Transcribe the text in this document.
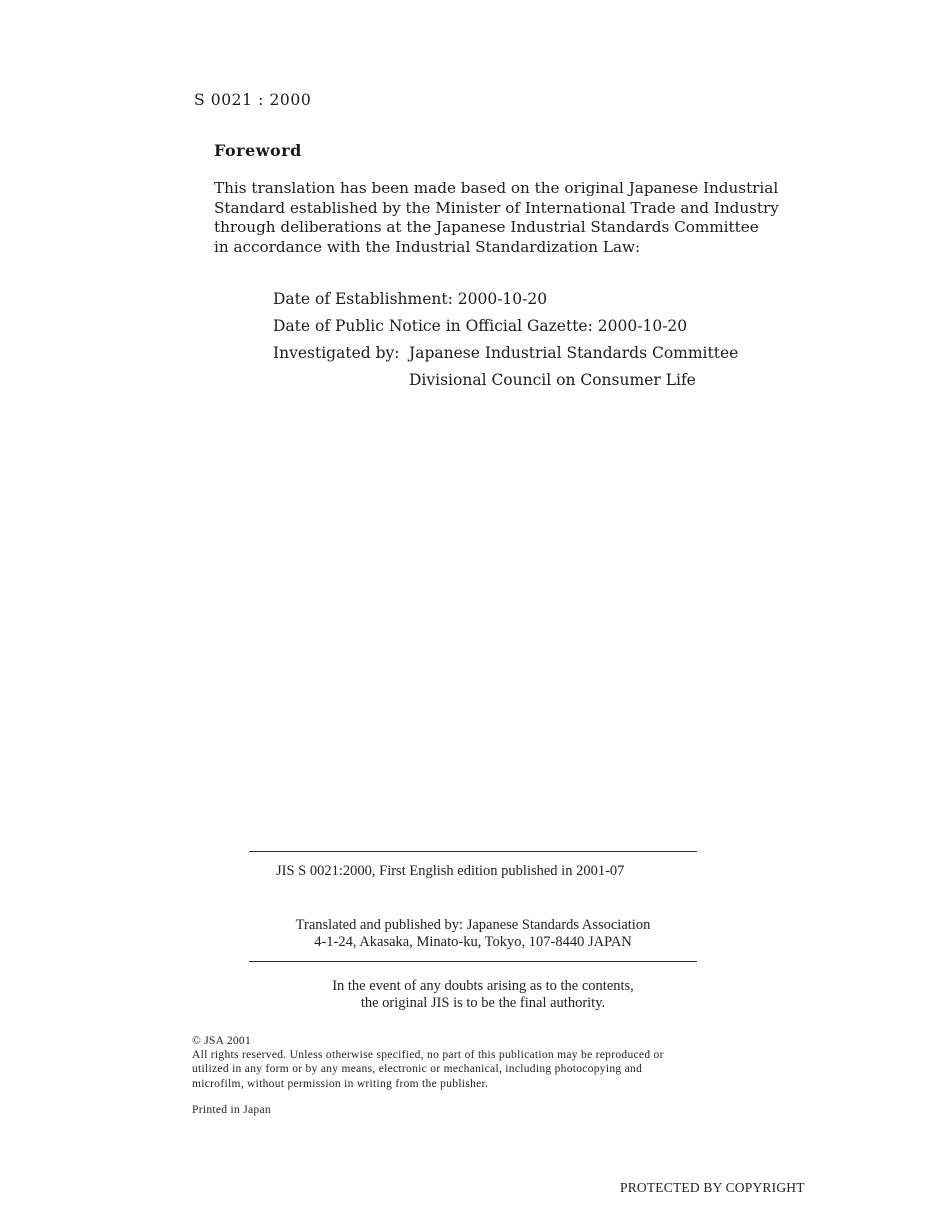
S 0021 : 2000
Foreword
This translation has been made based on the original Japanese Industrial
Standard established by the Minister of International Trade and Industry
through deliberations at the Japanese Industrial Standards Committee
in accordance with the Industrial Standardization Law:
Date of Establishment: 2000-10-20
Date of Public Notice in Official Gazette: 2000-10-20
Investigated by: Japanese Industrial Standards Committee
Divisional Council on Consumer Life
JIS S 0021:2000, First English edition published in 2001-07
Translated and published by: Japanese Standards Association
4-1-24, Akasaka, Minato-ku, Tokyo, 107-8440 JAPAN
In the event of any doubts arising as to the contents,
the original JIS is to be the final authority.
© JSA 2001
All rights reserved. Unless otherwise specified, no part of this publication may be reproduced or
utilized in any form or by any means, electronic or mechanical, including photocopying and
microfilm, without permission in writing from the publisher.
Printed in Japan
PROTECTED BY COPYRIGHT
